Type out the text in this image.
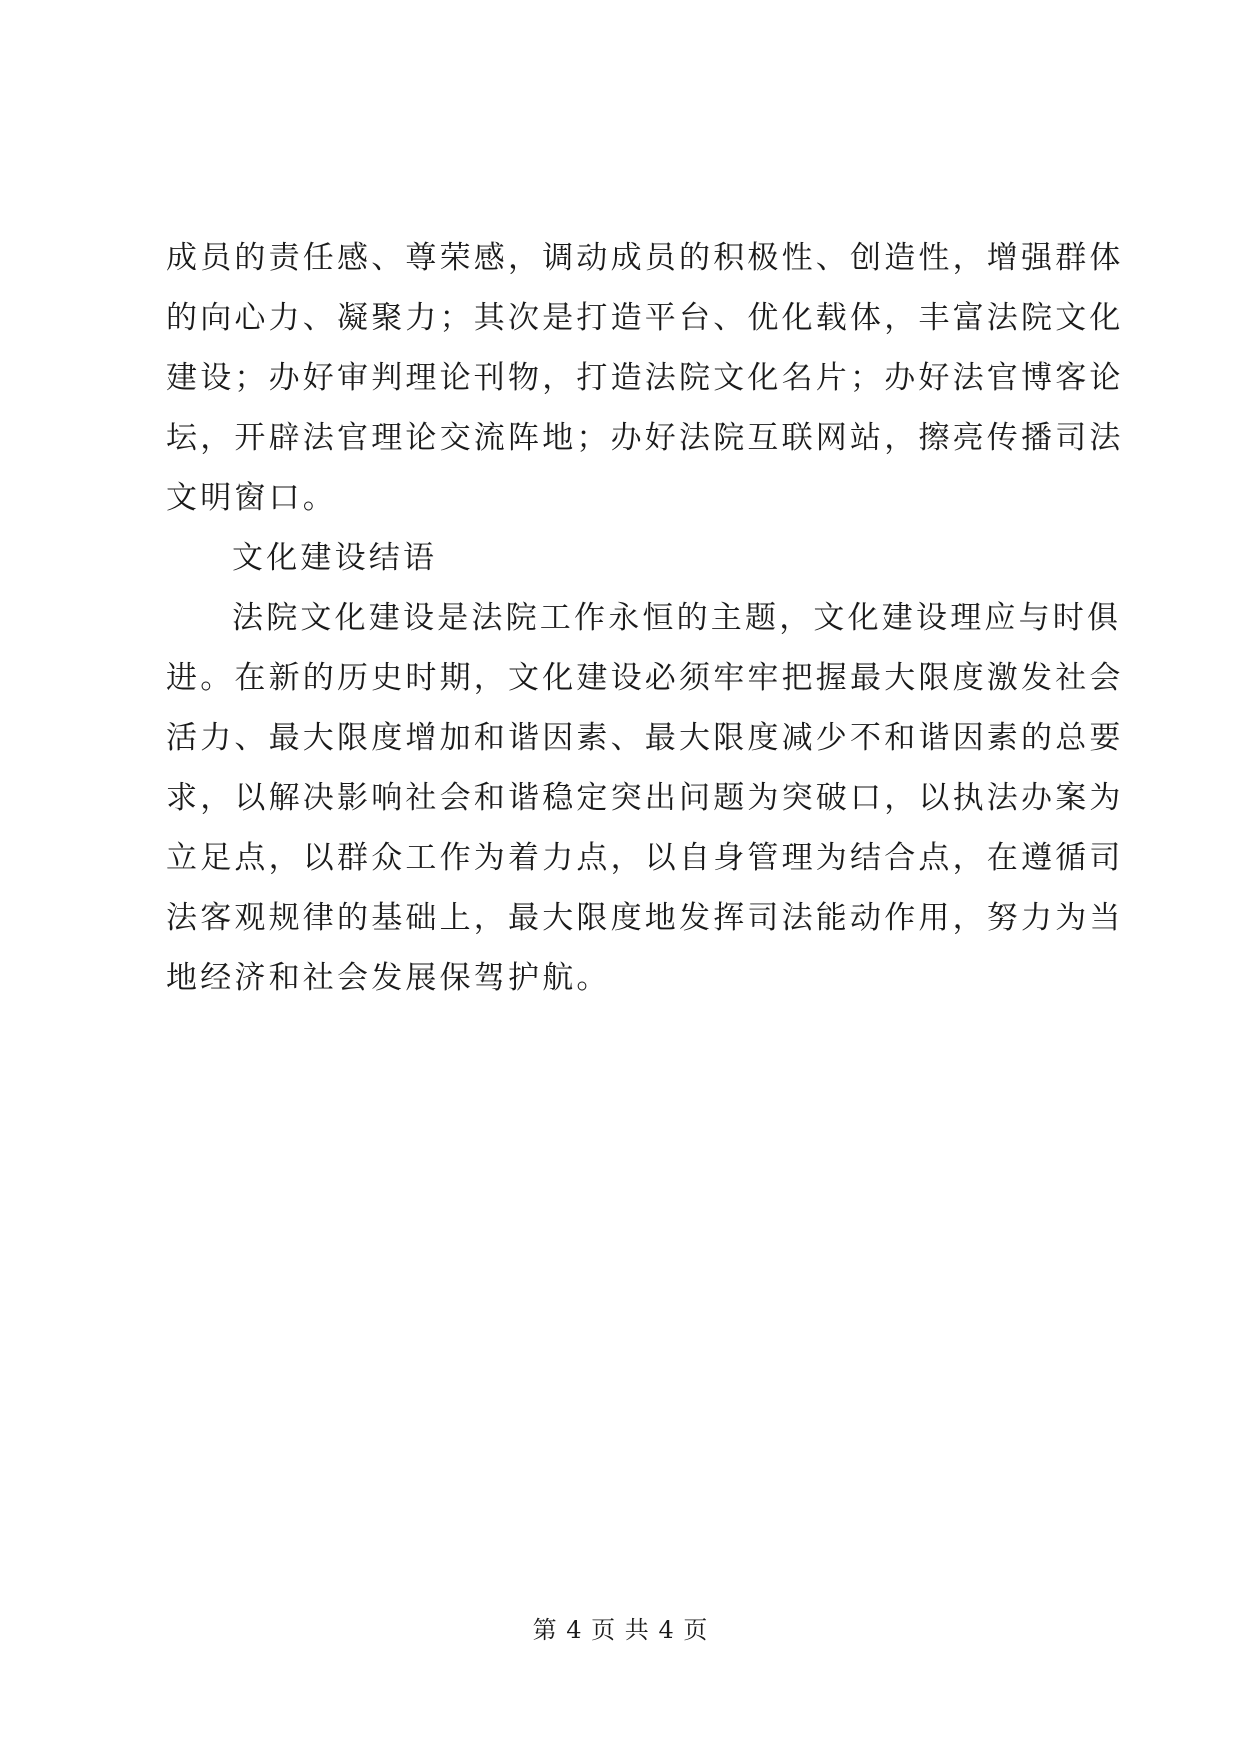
成员的责任感、尊荣感，调动成员的积极性、创造性，增强群体
的向心力、凝聚力；其次是打造平台、优化载体，丰富法院文化
建设；办好审判理论刊物，打造法院文化名片；办好法官博客论
坛，开辟法官理论交流阵地；办好法院互联网站，擦亮传播司法
文明窗口。
文化建设结语
法院文化建设是法院工作永恒的主题，文化建设理应与时俱
进。在新的历史时期，文化建设必须牢牢把握最大限度激发社会
活力、最大限度增加和谐因素、最大限度减少不和谐因素的总要
求，以解决影响社会和谐稳定突出问题为突破口，以执法办案为
立足点，以群众工作为着力点，以自身管理为结合点，在遵循司
法客观规律的基础上，最大限度地发挥司法能动作用，努力为当
地经济和社会发展保驾护航。
第 4 页 共 4 页
